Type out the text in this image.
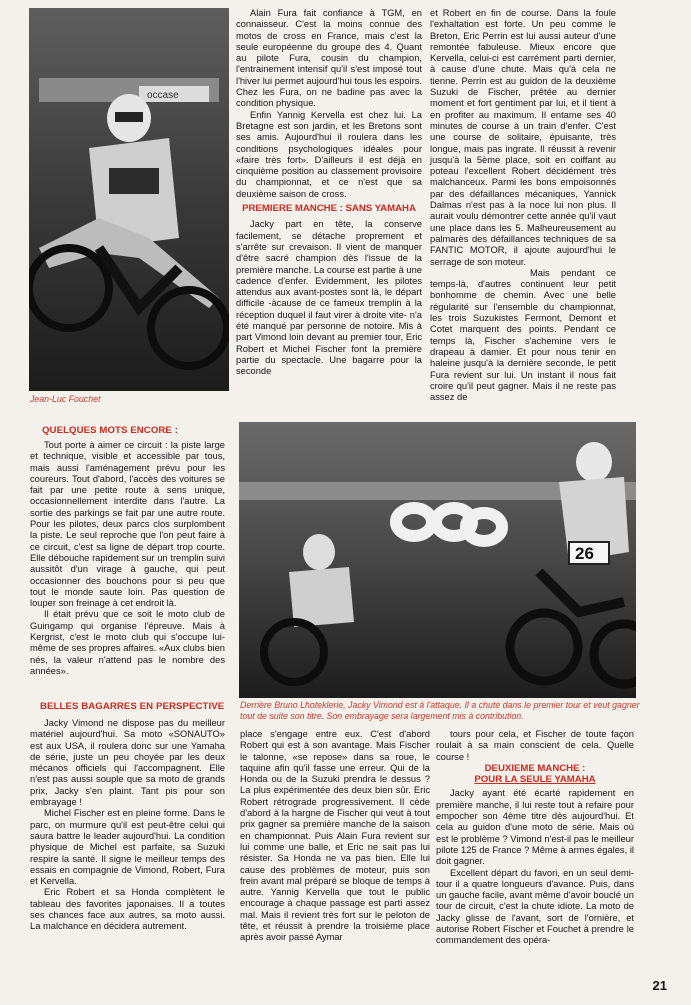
occase
Jean-Luc Fouchet

Alain Fura fait confiance à TGM, en connaisseur. C'est la moins connue des motos de cross en France, mais c'est la seule européenne du groupe des 4. Quant au pilote Fura, cousin du champion, l'entrainement intensif qu'il s'est imposé tout l'hiver lui permet aujourd'hui tous les espoirs. Chez les Fura, on ne badine pas avec la condition physique.

Enfin Yannig Kervella est chez lui. La Bretagne est son jardin, et les Bretons sont ses amis. Aujourd'hui il roulera dans les conditions psychologiques idéales pour «faire très fort». D'ailleurs il est déjà en cinquième position au classement provisoire du championnat, et ce n'est que sa deuxième saison de cross.

PREMIERE MANCHE : SANS YAMAHA

Jacky part en tête, la conserve facilement, se détache proprement et s'arrête sur crevaison. Il vient de manquer d'être sacré champion dès l'issue de la première manche. La course est partie à une cadence d'enfer. Evidemment, les pilotes attendus aux avant-postes sont là, le départ difficile -àcause de ce fameux tremplin à la réception duquel il faut virer à droite vite- n'a été manqué par personne de notoire. Mis à part Vimond loin devant au premier tour, Eric Robert et Michel Fischer font la première partie du spectacle. Une bagarre pour la seconde

et Robert en fin de course. Dans la foule l'exhaltation est forte. Un peu comme le Breton, Eric Perrin est lui aussi auteur d'une remontée fabuleuse. Mieux encore que Kervella, celui-ci est carrément parti dernier, à cause d'une chute. Mais qu'à cela ne tienne. Perrin est au guidon de la deuxième Suzuki de Fischer, prêtée au dernier moment et fort gentiment par lui, et il tient à en profiter au maximum. Il entame ses 40 minutes de course à un train d'enfer. C'est une course de solitaire, épuisante, très longue, mais pas ingrate. Il réussit à revenir jusqu'à la 5ème place, soit en coiffant au poteau l'excellent Robert décidément très malchanceux. Parmi les bons empoisonnés par des défaillances mécaniques, Yannick Dalmas n'est pas à la noce lui non plus. Il aurait voulu démontrer cette année qu'il vaut une place dans les 5. Malheureusement au palmarès des défaillances techniques de sa FANTIC MOTOR, il ajoute aujourd'hui le serrage de son moteur.

Mais pendant ce temps-là, d'autres continuent leur petit bonhomme de chemin. Avec une belle régularité sur l'ensemble du championnat, les trois Suzukistes Fermont, Demont et Cotet marquent des points. Pendant ce temps là, Fischer s'achemine vers le drapeau à damier. Et pour nous tenir en haleine jusqu'à la dernière seconde, le petit Fura revient sur lui. Un instant il nous fait croire qu'il peut gagner. Mais il ne reste pas assez de

QUELQUES MOTS ENCORE :

Tout porte à aimer ce circuit : la piste large et technique, visible et accessible par tous, mais aussi l'aménagement prévu pour les coureurs. Tout d'abord, l'accès des voitures se fait par une petite route à sens unique, occasionnellement interdite dans l'autre. La sortie des parkings se fait par une autre route. Pour les pilotes, deux parcs clos surplombent la piste. Le seul reproche que l'on peut faire à ce circuit, c'est sa ligne de départ trop courte. Elle débouche rapidement sur un tremplin suivi aussitôt d'un virage à gauche, qui peut occasionner des bouchons pour si peu que tout le monde saute loin. Pas question de louper son freinage à cet endroit là.

Il était prévu que ce soit le moto club de Guingamp qui organise l'épreuve. Mais à Kergrist, c'est le moto club qui s'occupe lui-même de ses propres affaires. «Aux clubs bien nés, la valeur n'attend pas le nombre des années».

26
Derrière Bruno Lhoteklerie, Jacky Vimond est à l'attaque. Il a chuté dans le premier tour et veut gagner tout de suite son titre. Son embrayage sera largement mis à contribution.
BELLES BAGARRES EN PERSPECTIVE

Jacky Vimond ne dispose pas du meilleur matériel aujourd'hui. Sa moto «SONAUTO» est aux USA, il roulera donc sur une Yamaha de série, juste un peu choyée par les deux mécanos officiels qui l'accompagnent. Elle n'est pas aussi souple que sa moto de grands prix, Jacky s'en plaint. Tant pis pour son embrayage !

Michel Fischer est en pleine forme. Dans le parc, on murmure qu'il est peut-être celui qui saura battre le leader aujourd'hui. La condition physique de Michel est parfaite, sa Suzuki respire la santé. Il signe le meilleur temps des essais en compagnie de Vimond, Robert, Fura et Kervella.

Eric Robert et sa Honda complètent le tableau des favorites japonaises. Il a toutes ses chances face aux autres, sa moto aussi. La malchance en décidera autrement.

place s'engage entre eux. C'est d'abord Robert qui est à son avantage. Mais Fischer le talonne, «se repose» dans sa roue, le taquine afin qu'il fasse une erreur. Qui de la Honda ou de la Suzuki prendra le dessus ? La plus expérimentée des deux bien sûr. Eric Robert rétrograde progressivement. Il cède d'abord à la hargne de Fischer qui veut à tout prix gagner sa première manche de la saison en championnat. Puis Alain Fura revient sur lui comme une balle, et Eric ne sait pas lui résister. Sa Honda ne va pas bien. Elle lui cause des problèmes de moteur, puis son frein avant mal préparé se bloque de temps à autre. Yannig Kervella que tout le public encourage à chaque passage est parti assez mal. Mais il revient très fort sur le peloton de tête, et réussit à prendre la troisième place après avoir passé Aymar

tours pour cela, et Fischer de toute façon roulait à sa main conscient de cela. Quelle course !

DEUXIEME MANCHE :
POUR LA SEULE YAMAHA

Jacky ayant été écarté rapidement en première manche, il lui reste tout à refaire pour empocher son 4ème titre dès aujourd'hui. Et cela au guidon d'une moto de série. Mais où est le problème ? Vimond n'est-il pas le meilleur pilote 125 de France ? Même à armes égales, il doit gagner.

Excellent départ du favori, en un seul demi-tour il a quatre longueurs d'avance. Puis, dans un gauche facile, avant même d'avoir bouclé un tour de circuit, c'est la chute idiote. La moto de Jacky glisse de l'avant, sort de l'ornière, et autorise Robert Fischer et Fouchet à prendre le commandement des opéra-

21
